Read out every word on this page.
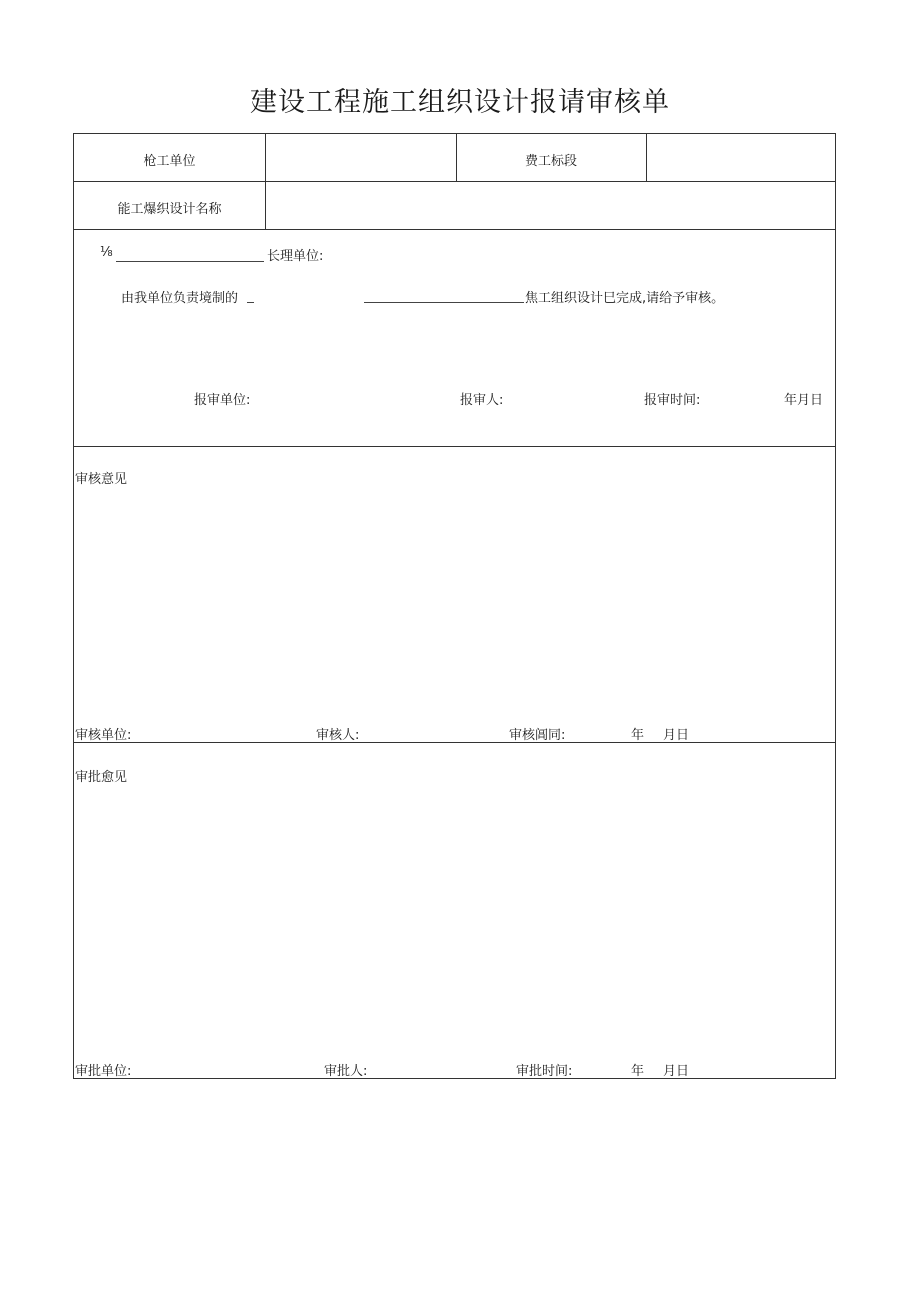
建设工程施工组织设计报请审核单
枪工单位	费工标段
能工爆织设计名称
⅛	长理单位:
由我单位负责境制的	焦工组织设计巳完成,请给予审核。
报审单位:	报审人:	报审时间:	年月日
审核意见
审核单位:	审核人:	审核阊同:	年 月日
审批愈见
审批单位:	审批人:	审批时间:	年 月日
